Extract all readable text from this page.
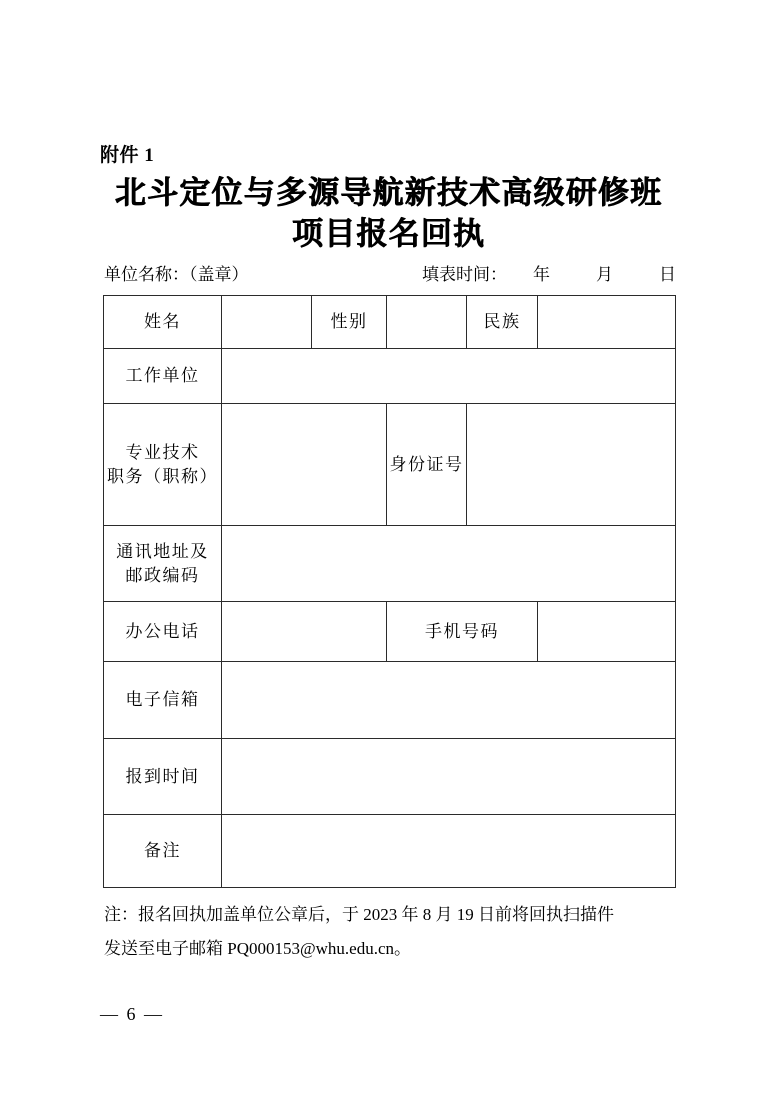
附件 1
北斗定位与多源导航新技术高级研修班
项目报名回执
单位名称：（盖章）	填表时间： 年	月	日
姓名		性别		民族	
工作单位					

专业技术
职务（职称）			身份证号		

通讯地址及
邮政编码					

办公电话			手机号码		
电子信箱					
报到时间					
备注					
注：报名回执加盖单位公章后，于 2023 年 8 月 19 日前将回执扫描件
发送至电子邮箱 PQ000153@whu.edu.cn。
— 6 —
